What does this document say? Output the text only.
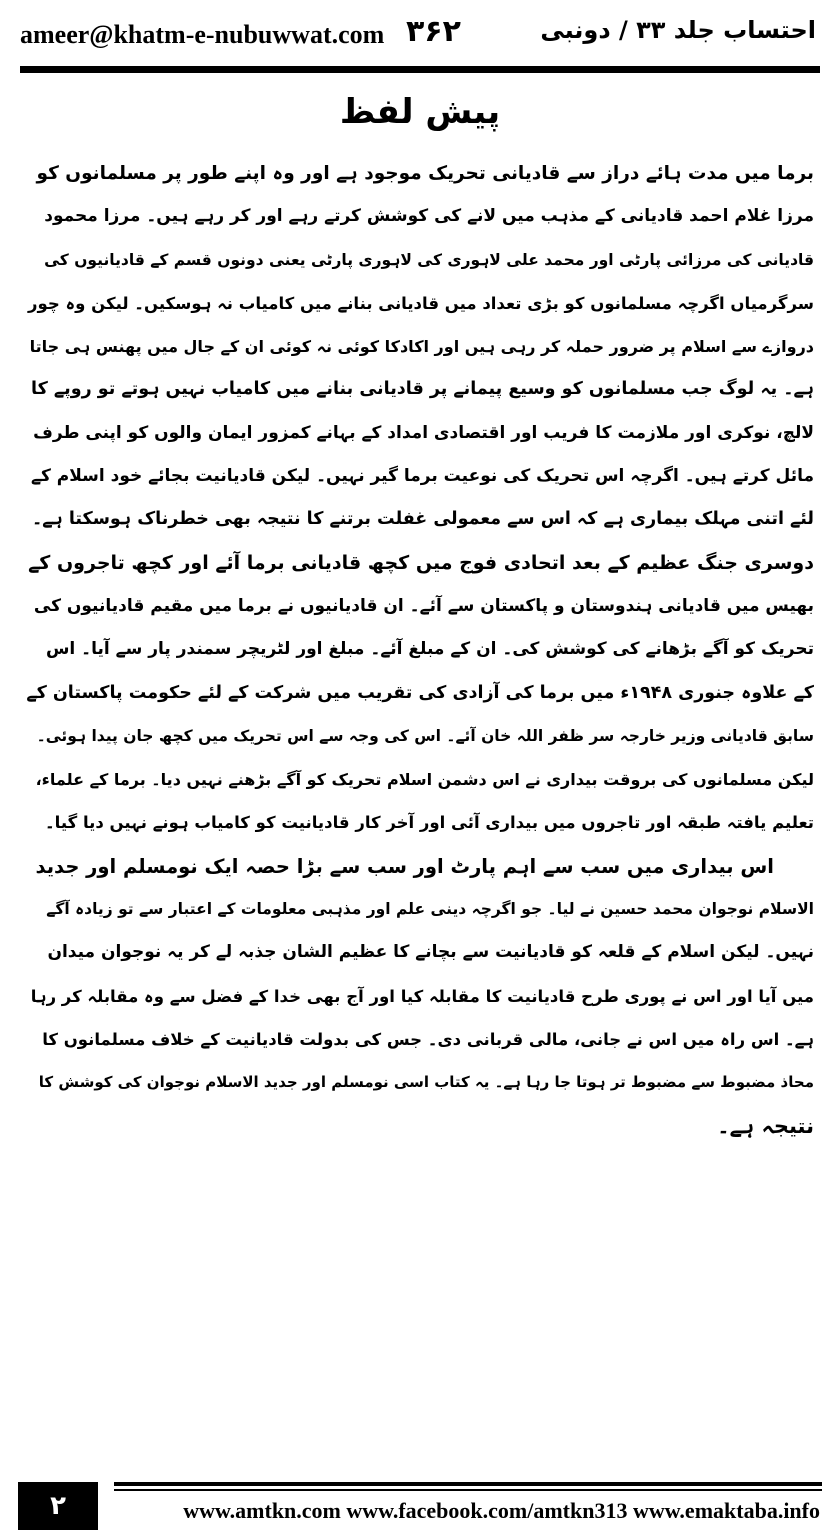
ameer@khatm-e-nubuwwat.com ۳۶۲	احتساب جلد ۳۳ / دونبی
پیش لفظ
برما میں مدت ہائے دراز سے قادیانی تحریک موجود ہے اور وہ اپنے طور پر مسلمانوں کو
مرزا غلام احمد قادیانی کے مذہب میں لانے کی کوشش کرتے رہے اور کر رہے ہیں۔ مرزا محمود
قادیانی کی مرزائی پارٹی اور محمد علی لاہوری کی لاہوری پارٹی یعنی دونوں قسم کے قادیانیوں کی
سرگرمیاں اگرچہ مسلمانوں کو بڑی تعداد میں قادیانی بنانے میں کامیاب نہ ہوسکیں۔ لیکن وہ چور
دروازے سے اسلام پر ضرور حملہ کر رہی ہیں اور اکادکا کوئی نہ کوئی ان کے جال میں پھنس ہی جاتا
ہے۔ یہ لوگ جب مسلمانوں کو وسیع پیمانے پر قادیانی بنانے میں کامیاب نہیں ہوتے تو روپے کا
لالچ، نوکری اور ملازمت کا فریب اور اقتصادی امداد کے بہانے کمزور ایمان والوں کو اپنی طرف
مائل کرتے ہیں۔ اگرچہ اس تحریک کی نوعیت برما گیر نہیں۔ لیکن قادیانیت بجائے خود اسلام کے
لئے اتنی مہلک بیماری ہے کہ اس سے معمولی غفلت برتنے کا نتیجہ بھی خطرناک ہوسکتا ہے۔
دوسری جنگ عظیم کے بعد اتحادی فوج میں کچھ قادیانی برما آئے اور کچھ تاجروں کے
بھیس میں قادیانی ہندوستان و پاکستان سے آئے۔ ان قادیانیوں نے برما میں مقیم قادیانیوں کی
تحریک کو آگے بڑھانے کی کوشش کی۔ ان کے مبلغ آئے۔ مبلغ اور لٹریچر سمندر پار سے آیا۔ اس
کے علاوہ جنوری ۱۹۴۸ء میں برما کی آزادی کی تقریب میں شرکت کے لئے حکومت پاکستان کے
سابق قادیانی وزیر خارجہ سر ظفر اللہ خان آئے۔ اس کی وجہ سے اس تحریک میں کچھ جان پیدا ہوئی۔
لیکن مسلمانوں کی بروقت بیداری نے اس دشمن اسلام تحریک کو آگے بڑھنے نہیں دیا۔ برما کے علماء،
تعلیم یافتہ طبقہ اور تاجروں میں بیداری آئی اور آخر کار قادیانیت کو کامیاب ہونے نہیں دیا گیا۔
اس بیداری میں سب سے اہم پارٹ اور سب سے بڑا حصہ ایک نومسلم اور جدید
الاسلام نوجوان محمد حسین نے لیا۔ جو اگرچہ دینی علم اور مذہبی معلومات کے اعتبار سے تو زیادہ آگے
نہیں۔ لیکن اسلام کے قلعہ کو قادیانیت سے بچانے کا عظیم الشان جذبہ لے کر یہ نوجوان میدان
میں آیا اور اس نے پوری طرح قادیانیت کا مقابلہ کیا اور آج بھی خدا کے فضل سے وہ مقابلہ کر رہا
ہے۔ اس راہ میں اس نے جانی، مالی قربانی دی۔ جس کی بدولت قادیانیت کے خلاف مسلمانوں کا
محاذ مضبوط سے مضبوط تر ہوتا جا رہا ہے۔ یہ کتاب اسی نومسلم اور جدید الاسلام نوجوان کی کوشش کا
نتیجہ ہے۔
۲	www.amtkn.com www.facebook.com/amtkn313 www.emaktaba.info
